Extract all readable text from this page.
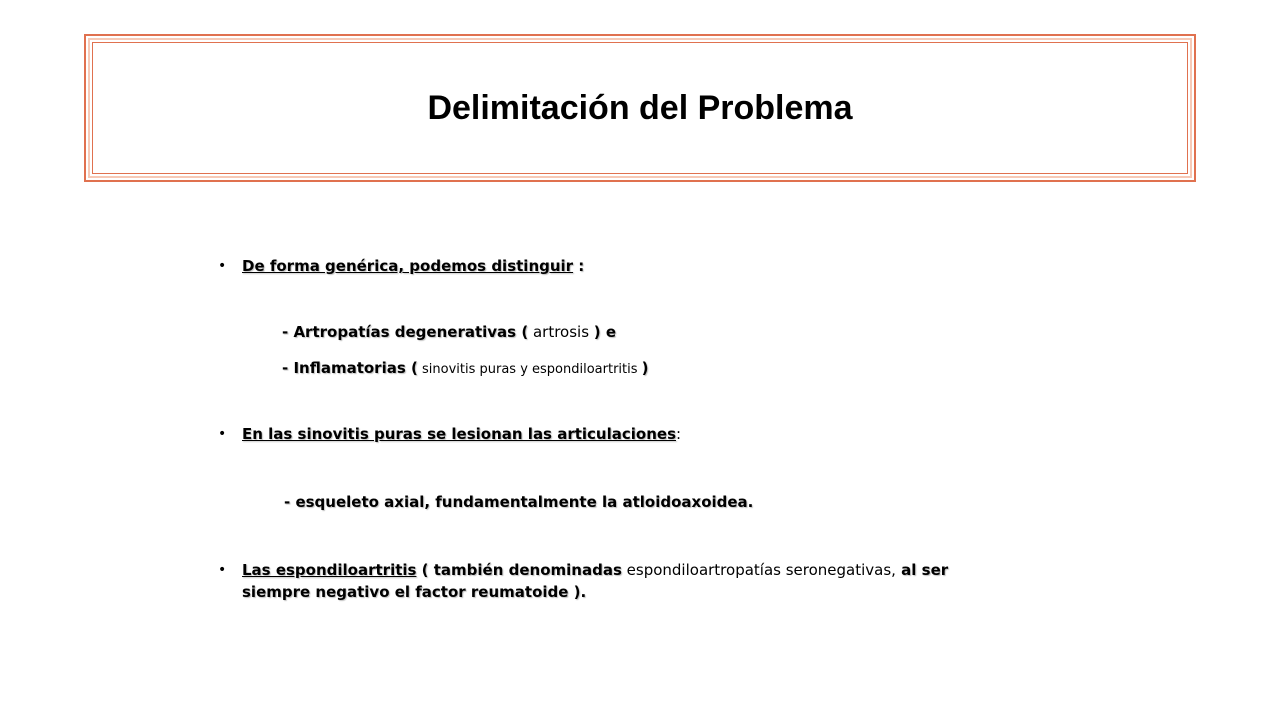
Delimitación del Problema
• De forma genérica, podemos distinguir :
- Artropatías degenerativas ( artrosis ) e
- Inflamatorias ( sinovitis puras y espondiloartritis )
• En las sinovitis puras se lesionan las articulaciones:
- esqueleto axial, fundamentalmente la atloidoaxoidea.
• Las espondiloartritis ( también denominadas espondiloartropatías seronegativas, al ser
siempre negativo el factor reumatoide ).
